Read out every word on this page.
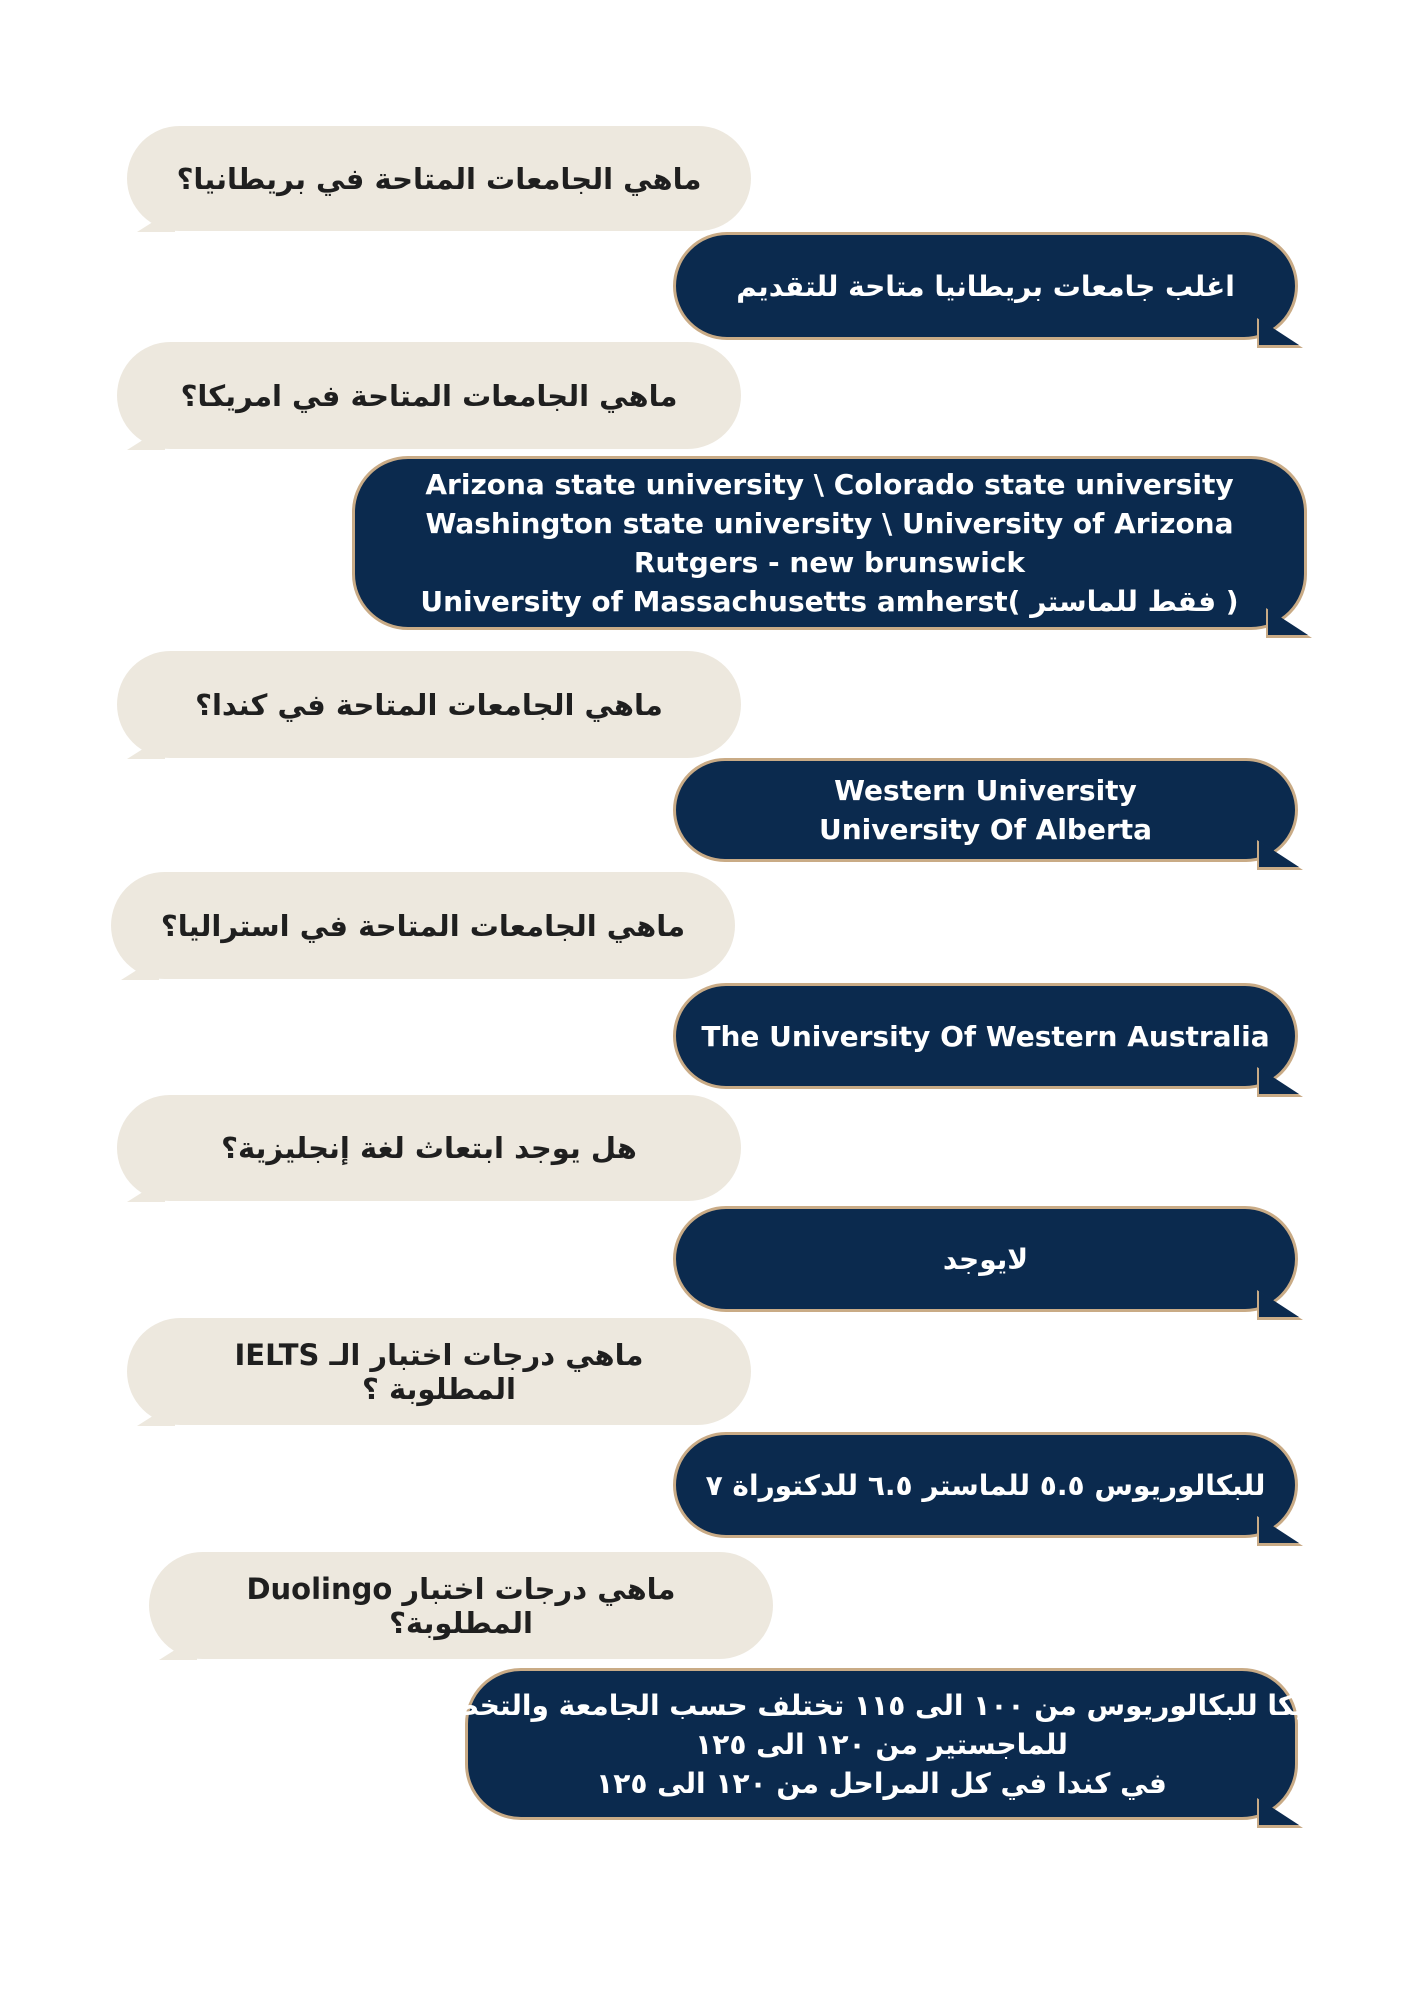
ماهي الجامعات المتاحة في بريطانيا؟
اغلب جامعات بريطانيا متاحة للتقديم
ماهي الجامعات المتاحة في امريكا؟
Arizona state university \ Colorado state university
Washington state university \ University of Arizona
Rutgers - new brunswick
University of Massachusetts amherst( فقط للماستر )
ماهي الجامعات المتاحة في كندا؟
Western University
University Of Alberta
ماهي الجامعات المتاحة في استراليا؟
The University Of Western Australia
هل يوجد ابتعاث لغة إنجليزية؟
لايوجد
ماهي درجات اختبار الـ IELTS المطلوبة ؟
للبكالوريوس ٥.٥ للماستر ٦.٥ للدكتوراة ٧
ماهي درجات اختبار Duolingo المطلوبة؟
امريكا للبكالوريوس من ١٠٠ الى ١١٥ تختلف حسب الجامعة والتخصص
للماجستير من ١٢٠ الى ١٢٥
في كندا في كل المراحل من ١٢٠ الى ١٢٥
